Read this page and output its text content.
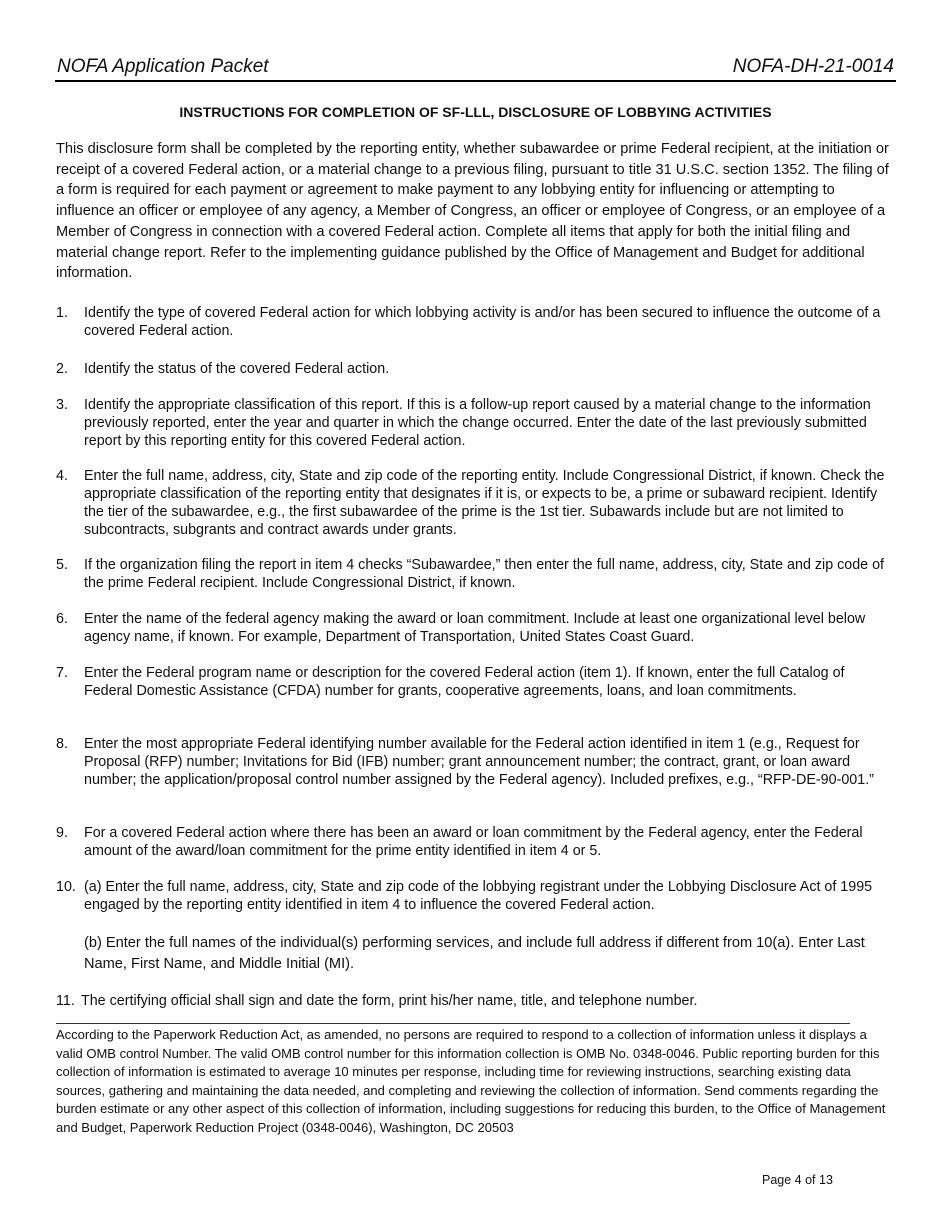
NOFA Application Packet	NOFA-DH-21-0014
INSTRUCTIONS FOR COMPLETION OF SF-LLL, DISCLOSURE OF LOBBYING ACTIVITIES
This disclosure form shall be completed by the reporting entity, whether subawardee or prime Federal recipient, at the initiation or receipt of a covered Federal action, or a material change to a previous filing, pursuant to title 31 U.S.C. section 1352. The filing of a form is required for each payment or agreement to make payment to any lobbying entity for influencing or attempting to influence an officer or employee of any agency, a Member of Congress, an officer or employee of Congress, or an employee of a Member of Congress in connection with a covered Federal action. Complete all items that apply for both the initial filing and material change report. Refer to the implementing guidance published by the Office of Management and Budget for additional information.
1. Identify the type of covered Federal action for which lobbying activity is and/or has been secured to influence the outcome of a covered Federal action.
2. Identify the status of the covered Federal action.
3. Identify the appropriate classification of this report. If this is a follow-up report caused by a material change to the information previously reported, enter the year and quarter in which the change occurred. Enter the date of the last previously submitted report by this reporting entity for this covered Federal action.
4. Enter the full name, address, city, State and zip code of the reporting entity. Include Congressional District, if known. Check the appropriate classification of the reporting entity that designates if it is, or expects to be, a prime or subaward recipient. Identify the tier of the subawardee, e.g., the first subawardee of the prime is the 1st tier. Subawards include but are not limited to subcontracts, subgrants and contract awards under grants.
5. If the organization filing the report in item 4 checks “Subawardee,” then enter the full name, address, city, State and zip code of the prime Federal recipient. Include Congressional District, if known.
6. Enter the name of the federal agency making the award or loan commitment. Include at least one organizational level below agency name, if known. For example, Department of Transportation, United States Coast Guard.
7. Enter the Federal program name or description for the covered Federal action (item 1). If known, enter the full Catalog of Federal Domestic Assistance (CFDA) number for grants, cooperative agreements, loans, and loan commitments.
8. Enter the most appropriate Federal identifying number available for the Federal action identified in item 1 (e.g., Request for Proposal (RFP) number; Invitations for Bid (IFB) number; grant announcement number; the contract, grant, or loan award number; the application/proposal control number assigned by the Federal agency). Included prefixes, e.g., “RFP-DE-90-001.”
9. For a covered Federal action where there has been an award or loan commitment by the Federal agency, enter the Federal amount of the award/loan commitment for the prime entity identified in item 4 or 5.
10. (a) Enter the full name, address, city, State and zip code of the lobbying registrant under the Lobbying Disclosure Act of 1995 engaged by the reporting entity identified in item 4 to influence the covered Federal action.
(b) Enter the full names of the individual(s) performing services, and include full address if different from 10(a). Enter Last Name, First Name, and Middle Initial (MI).
11. The certifying official shall sign and date the form, print his/her name, title, and telephone number.
According to the Paperwork Reduction Act, as amended, no persons are required to respond to a collection of information unless it displays a valid OMB control Number. The valid OMB control number for this information collection is OMB No. 0348-0046. Public reporting burden for this collection of information is estimated to average 10 minutes per response, including time for reviewing instructions, searching existing data sources, gathering and maintaining the data needed, and completing and reviewing the collection of information. Send comments regarding the burden estimate or any other aspect of this collection of information, including suggestions for reducing this burden, to the Office of Management and Budget, Paperwork Reduction Project (0348-0046), Washington, DC 20503
Page 4 of 13
